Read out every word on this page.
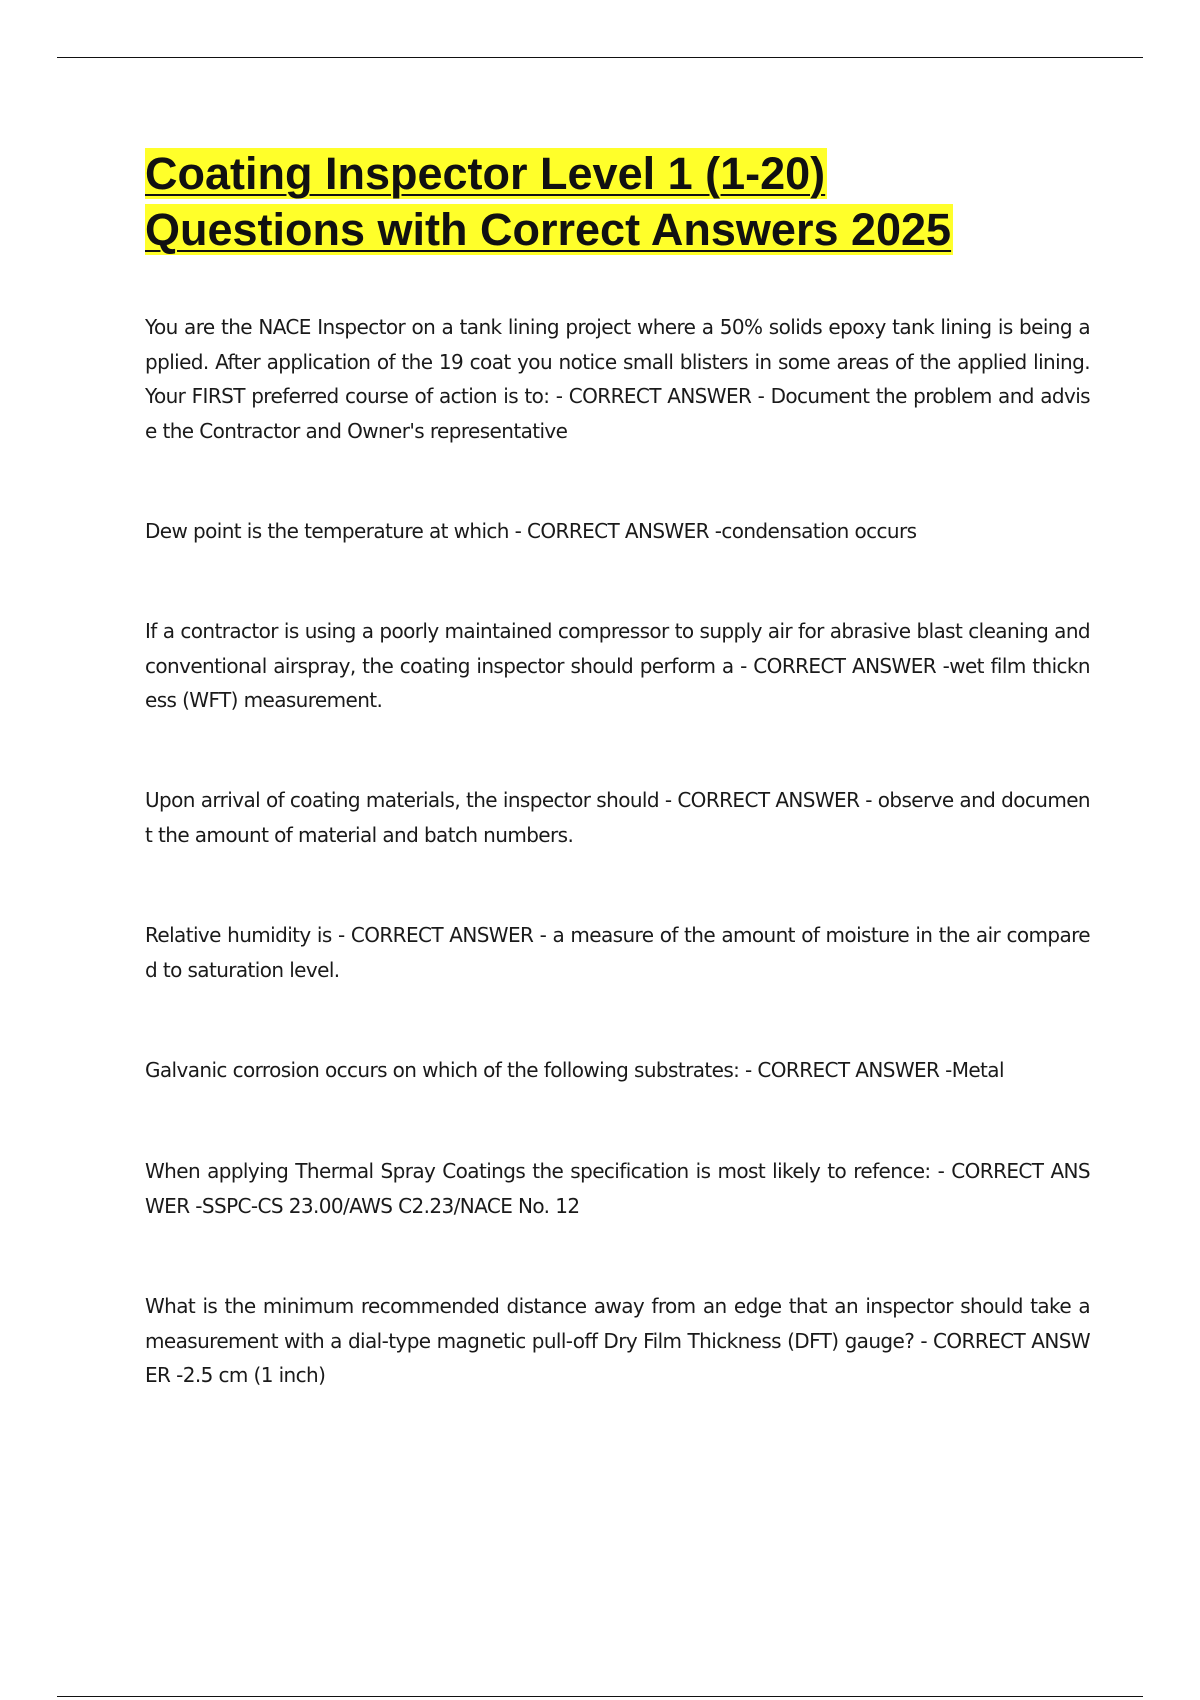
Coating Inspector Level 1 (1-20)
Questions with Correct Answers 2025

You are the NACE Inspector on a tank lining project where a 50% solids epoxy tank lining is being applied. After application of the 19 coat you notice small blisters in some areas of the applied lining. Your FIRST preferred course of action is to: - CORRECT ANSWER - Document the problem and advise the Contractor and Owner's representative

Dew point is the temperature at which - CORRECT ANSWER -condensation occurs

If a contractor is using a poorly maintained compressor to supply air for abrasive blast cleaning and conventional airspray, the coating inspector should perform a - CORRECT ANSWER -wet film thickness (WFT) measurement.

Upon arrival of coating materials, the inspector should - CORRECT ANSWER - observe and document the amount of material and batch numbers.

Relative humidity is - CORRECT ANSWER - a measure of the amount of moisture in the air compared to saturation level.

Galvanic corrosion occurs on which of the following substrates: - CORRECT ANSWER -Metal

When applying Thermal Spray Coatings the specification is most likely to refence: - CORRECT ANSWER -SSPC-CS 23.00/AWS C2.23/NACE No. 12

What is the minimum recommended distance away from an edge that an inspector should take a measurement with a dial-type magnetic pull-off Dry Film Thickness (DFT) gauge? - CORRECT ANSWER -2.5 cm (1 inch)
